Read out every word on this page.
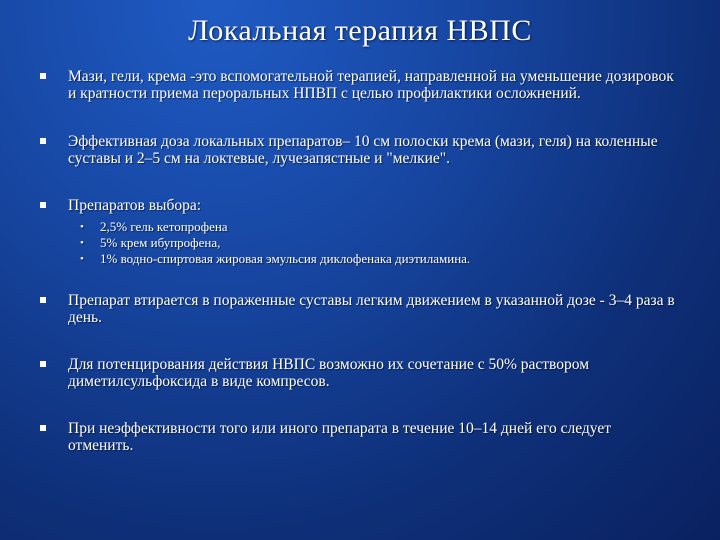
Локальная терапия НВПС
Мази, гели, крема -это вспомогательной терапией, направленной на уменьшение дозировок и кратности приема пероральных НПВП с целью профилактики осложнений.
Эффективная доза локальных препаратов– 10 см полоски крема (мази, геля) на коленные суставы и 2–5 см на локтевые, лучезапястные и "мелкие".
Препаратов выбора:
• 2,5% гель кетопрофена
• 5% крем ибупрофена,
• 1% водно-спиртовая жировая эмульсия диклофенака диэтиламина.
Препарат втирается в пораженные суставы легким движением в указанной дозе - 3–4 раза в день.
Для потенцирования действия НВПС возможно их сочетание с 50% раствором диметилсульфоксида в виде компресов.
При неэффективности того или иного препарата в течение 10–14 дней его следует отменить.
